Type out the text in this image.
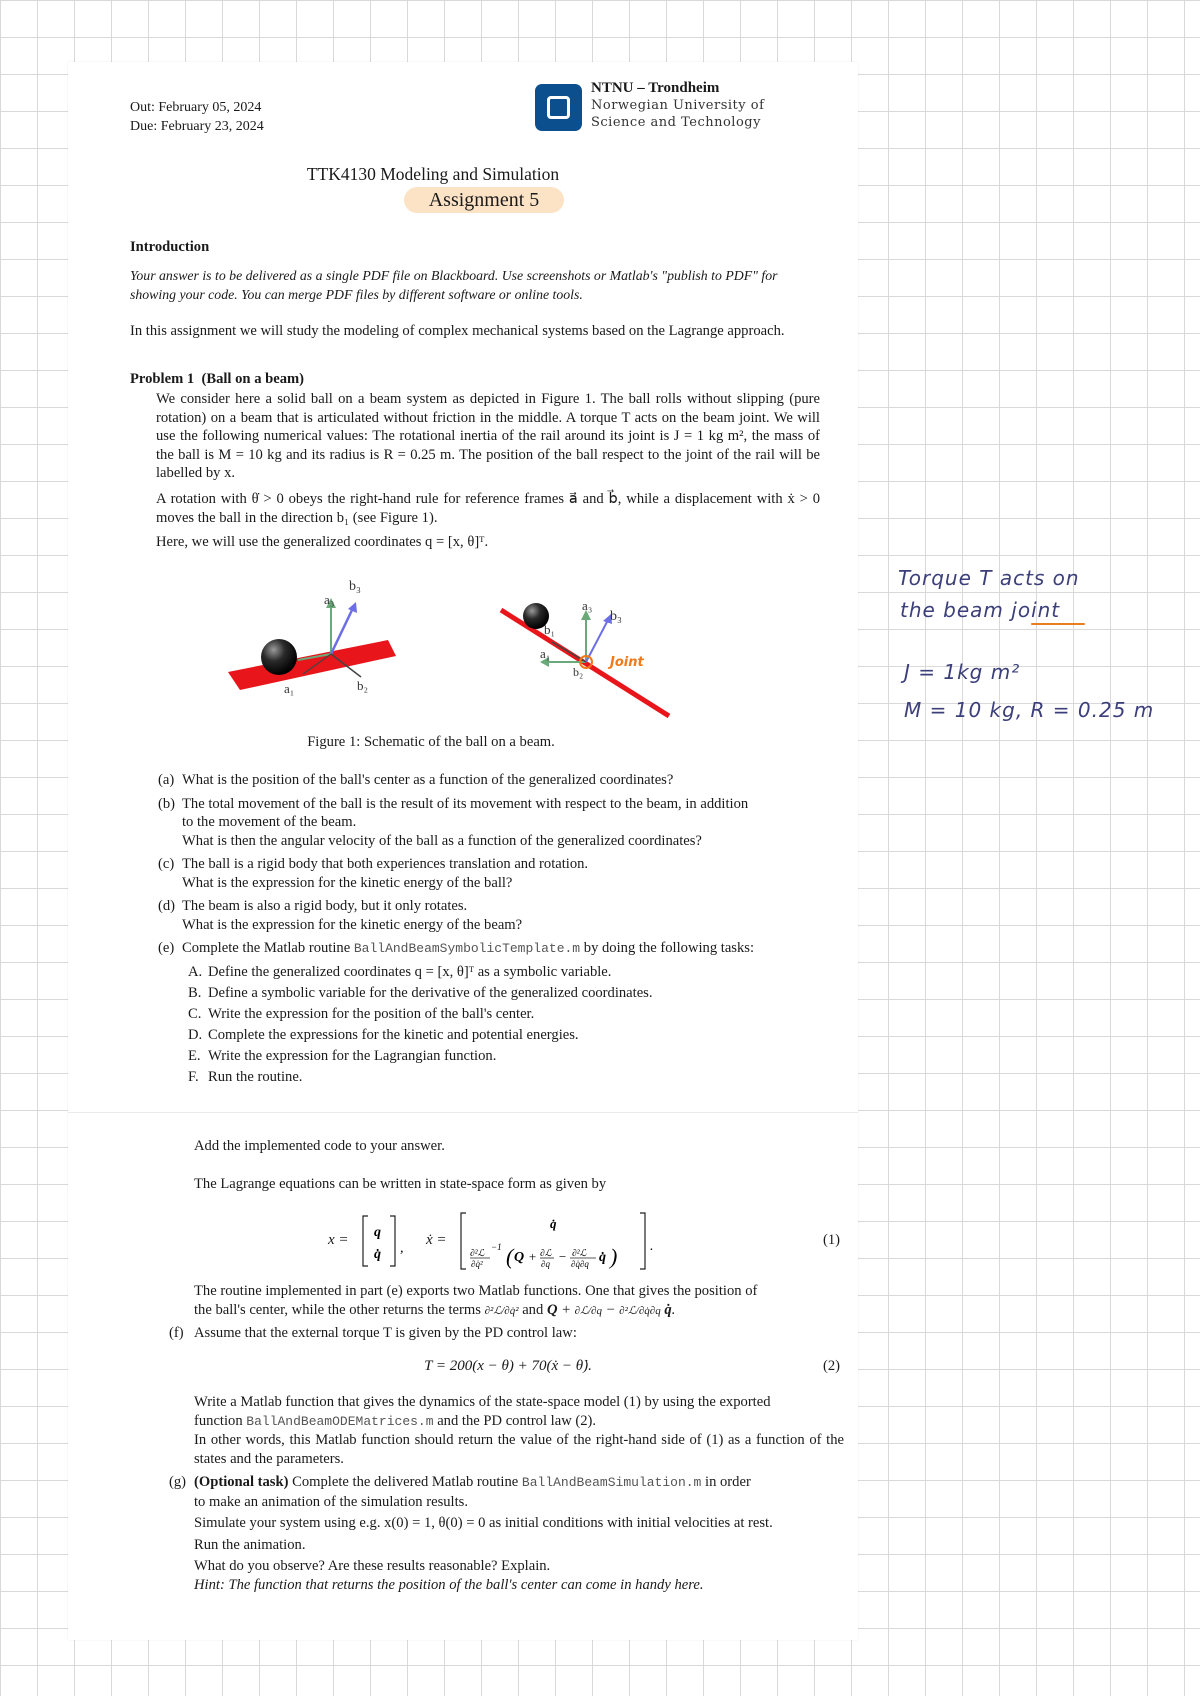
Out: February 05, 2024
Due: February 23, 2024
NTNU – Trondheim
Norwegian University of
Science and Technology
TTK4130 Modeling and Simulation
Assignment 5
Introduction
Your answer is to be delivered as a single PDF file on Blackboard. Use screenshots or Matlab's "publish to PDF" for
showing your code. You can merge PDF files by different software or online tools.
In this assignment we will study the modeling of complex mechanical systems based on the Lagrange approach.
Problem 1 (Ball on a beam)
We consider here a solid ball on a beam system as depicted in Figure 1. The ball rolls without slipping (pure rotation) on a beam that is articulated without friction in the middle. A torque T acts on the beam joint. We will use the following numerical values: The rotational inertia of the rail around its joint is J = 1 kg m², the mass of the ball is M = 10 kg and its radius is R = 0.25 m. The position of the ball respect to the joint of the rail will be labelled by x.
A rotation with θ̇ > 0 obeys the right-hand rule for reference frames a⃗ and b⃗, while a displacement with ẋ > 0 moves the ball in the direction b₁ (see Figure 1).
Here, we will use the generalized coordinates q = [x, θ]ᵀ.
b₃
a₃
a₁	b₂
a₃
b₃
b₁
a₁
b₂
Joint
Figure 1: Schematic of the ball on a beam.
(a) What is the position of the ball's center as a function of the generalized coordinates?
(b) The total movement of the ball is the result of its movement with respect to the beam, in addition
to the movement of the beam.
What is then the angular velocity of the ball as a function of the generalized coordinates?
(c) The ball is a rigid body that both experiences translation and rotation.
What is the expression for the kinetic energy of the ball?
(d) The beam is also a rigid body, but it only rotates.
What is the expression for the kinetic energy of the beam?
(e) Complete the Matlab routine BallAndBeamSymbolicTemplate.m by doing the following tasks:
A. Define the generalized coordinates q = [x, θ]ᵀ as a symbolic variable.
B. Define a symbolic variable for the derivative of the generalized coordinates.
C. Write the expression for the position of the ball's center.
D. Complete the expressions for the kinetic and potential energies.
E. Write the expression for the Lagrangian function.
F. Run the routine.
Add the implemented code to your answer.
The Lagrange equations can be written in state-space form as given by
x = q
q̇ ,
ẋ =
q̇
∂²ℒ
∂q̇²
−1 ( Q + ∂ℒ
∂q − ∂²ℒ
∂q̇∂q q̇ ) .	(1)
The routine implemented in part (e) exports two Matlab functions. One that gives the position of
the ball's center, while the other returns the terms ∂²ℒ/∂q̇² and Q + ∂ℒ/∂q − ∂²ℒ/∂q̇∂q q̇.
(f) Assume that the external torque T is given by the PD control law:
T = 200(x − θ) + 70(ẋ − θ̇).	(2)
Write a Matlab function that gives the dynamics of the state-space model (1) by using the exported
function BallAndBeamODEMatrices.m and the PD control law (2).
In other words, this Matlab function should return the value of the right-hand side of (1) as a function of the states and the parameters.
(g) (Optional task) Complete the delivered Matlab routine BallAndBeamSimulation.m in order
to make an animation of the simulation results.
Simulate your system using e.g. x(0) = 1, θ(0) = 0 as initial conditions with initial velocities at rest.
Run the animation.
What do you observe? Are these results reasonable? Explain.
Hint: The function that returns the position of the ball's center can come in handy here.
Torque T acts on
the beam joint
J = 1kg m²
M = 10 kg, R = 0.25 m
